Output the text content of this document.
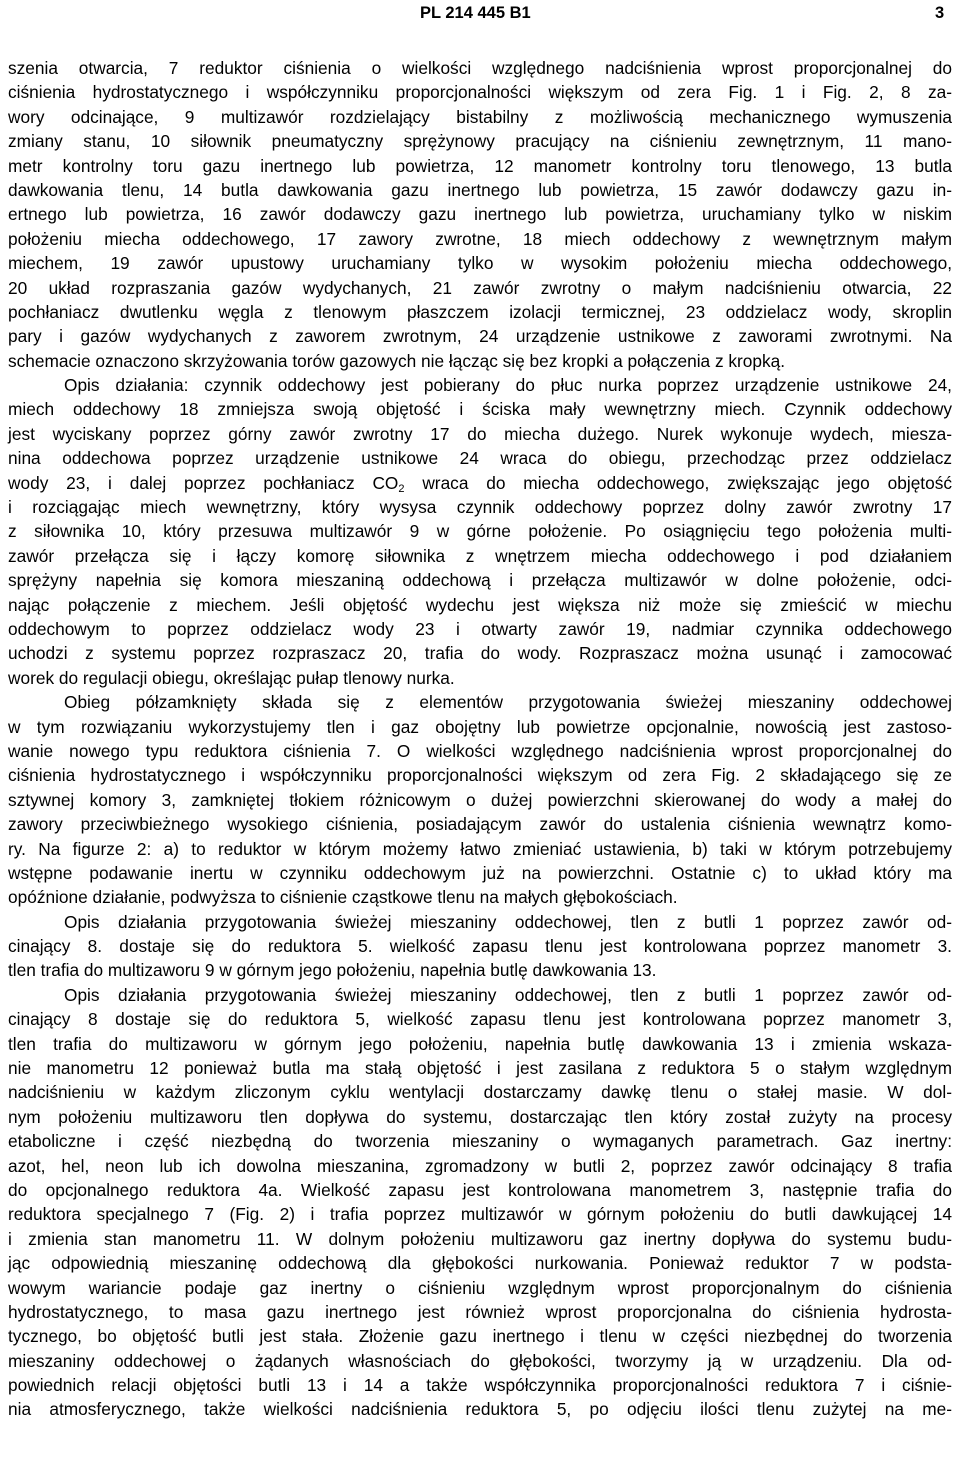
PL 214 445 B1	3
szenia otwarcia, 7 reduktor ciśnienia o wielkości względnego nadciśnienia wprost proporcjonalnej do
ciśnienia hydrostatycznego i współczynniku proporcjonalności większym od zera Fig. 1 i Fig. 2, 8 za-
wory odcinające, 9 multizawór rozdzielający bistabilny z możliwością mechanicznego wymuszenia
zmiany stanu, 10 siłownik pneumatyczny sprężynowy pracujący na ciśnieniu zewnętrznym, 11 mano-
metr kontrolny toru gazu inertnego lub powietrza, 12 manometr kontrolny toru tlenowego, 13 butla
dawkowania tlenu, 14 butla dawkowania gazu inertnego lub powietrza, 15 zawór dodawczy gazu in-
ertnego lub powietrza, 16 zawór dodawczy gazu inertnego lub powietrza, uruchamiany tylko w niskim
położeniu miecha oddechowego, 17 zawory zwrotne, 18 miech oddechowy z wewnętrznym małym
miechem, 19 zawór upustowy uruchamiany tylko w wysokim położeniu miecha oddechowego,
20 układ rozpraszania gazów wydychanych, 21 zawór zwrotny o małym nadciśnieniu otwarcia, 22
pochłaniacz dwutlenku węgla z tlenowym płaszczem izolacji termicznej, 23 oddzielacz wody, skroplin
pary i gazów wydychanych z zaworem zwrotnym, 24 urządzenie ustnikowe z zaworami zwrotnymi. Na
schemacie oznaczono skrzyżowania torów gazowych nie łącząc się bez kropki a połączenia z kropką.
Opis działania: czynnik oddechowy jest pobierany do płuc nurka poprzez urządzenie ustnikowe 24,
miech oddechowy 18 zmniejsza swoją objętość i ściska mały wewnętrzny miech. Czynnik oddechowy
jest wyciskany poprzez górny zawór zwrotny 17 do miecha dużego. Nurek wykonuje wydech, miesza-
nina oddechowa poprzez urządzenie ustnikowe 24 wraca do obiegu, przechodząc przez oddzielacz
wody 23, i dalej poprzez pochłaniacz $CO_2$ wraca do miecha oddechowego, zwiększając jego objętość
i rozciągając miech wewnętrzny, który wysysa czynnik oddechowy poprzez dolny zawór zwrotny 17
z siłownika 10, który przesuwa multizawór 9 w górne położenie. Po osiągnięciu tego położenia multi-
zawór przełącza się i łączy komorę siłownika z wnętrzem miecha oddechowego i pod działaniem
sprężyny napełnia się komora mieszaniną oddechową i przełącza multizawór w dolne położenie, odci-
nając połączenie z miechem. Jeśli objętość wydechu jest większa niż może się zmieścić w miechu
oddechowym to poprzez oddzielacz wody 23 i otwarty zawór 19, nadmiar czynnika oddechowego
uchodzi z systemu poprzez rozpraszacz 20, trafia do wody. Rozpraszacz można usunąć i zamocować
worek do regulacji obiegu, określając pułap tlenowy nurka.
Obieg półzamknięty składa się z elementów przygotowania świeżej mieszaniny oddechowej
w tym rozwiązaniu wykorzystujemy tlen i gaz obojętny lub powietrze opcjonalnie, nowością jest zastoso-
wanie nowego typu reduktora ciśnienia 7. O wielkości względnego nadciśnienia wprost proporcjonalnej do
ciśnienia hydrostatycznego i współczynniku proporcjonalności większym od zera Fig. 2 składającego się ze
sztywnej komory 3, zamkniętej tłokiem różnicowym o dużej powierzchni skierowanej do wody a małej do
zawory przeciwbieżnego wysokiego ciśnienia, posiadającym zawór do ustalenia ciśnienia wewnątrz komo-
ry. Na figurze 2: a) to reduktor w którym możemy łatwo zmieniać ustawienia, b) taki w którym potrzebujemy
wstępne podawanie inertu w czynniku oddechowym już na powierzchni. Ostatnie c) to układ który ma
opóźnione działanie, podwyższa to ciśnienie cząstkowe tlenu na małych głębokościach.
Opis działania przygotowania świeżej mieszaniny oddechowej, tlen z butli 1 poprzez zawór od-
cinający 8. dostaje się do reduktora 5. wielkość zapasu tlenu jest kontrolowana poprzez manometr 3.
tlen trafia do multizaworu 9 w górnym jego położeniu, napełnia butlę dawkowania 13.
Opis działania przygotowania świeżej mieszaniny oddechowej, tlen z butli 1 poprzez zawór od-
cinający 8 dostaje się do reduktora 5, wielkość zapasu tlenu jest kontrolowana poprzez manometr 3,
tlen trafia do multizaworu w górnym jego położeniu, napełnia butlę dawkowania 13 i zmienia wskaza-
nie manometru 12 ponieważ butla ma stałą objętość i jest zasilana z reduktora 5 o stałym względnym
nadciśnieniu w każdym zliczonym cyklu wentylacji dostarczamy dawkę tlenu o stałej masie. W dol-
nym położeniu multizaworu tlen dopływa do systemu, dostarczając tlen który został zużyty na procesy
etaboliczne i część niezbędną do tworzenia mieszaniny o wymaganych parametrach. Gaz inertny:
azot, hel, neon lub ich dowolna mieszanina, zgromadzony w butli 2, poprzez zawór odcinający 8 trafia
do opcjonalnego reduktora 4a. Wielkość zapasu jest kontrolowana manometrem 3, następnie trafia do
reduktora specjalnego 7 (Fig. 2) i trafia poprzez multizawór w górnym położeniu do butli dawkującej 14
i zmienia stan manometru 11. W dolnym położeniu multizaworu gaz inertny dopływa do systemu budu-
jąc odpowiednią mieszaninę oddechową dla głębokości nurkowania. Ponieważ reduktor 7 w podsta-
wowym wariancie podaje gaz inertny o ciśnieniu względnym wprost proporcjonalnym do ciśnienia
hydrostatycznego, to masa gazu inertnego jest również wprost proporcjonalna do ciśnienia hydrosta-
tycznego, bo objętość butli jest stała. Złożenie gazu inertnego i tlenu w części niezbędnej do tworzenia
mieszaniny oddechowej o żądanych własnościach do głębokości, tworzymy ją w urządzeniu. Dla od-
powiednich relacji objętości butli 13 i 14 a także współczynnika proporcjonalności reduktora 7 i ciśnie-
nia atmosferycznego, także wielkości nadciśnienia reduktora 5, po odjęciu ilości tlenu zużytej na me-
